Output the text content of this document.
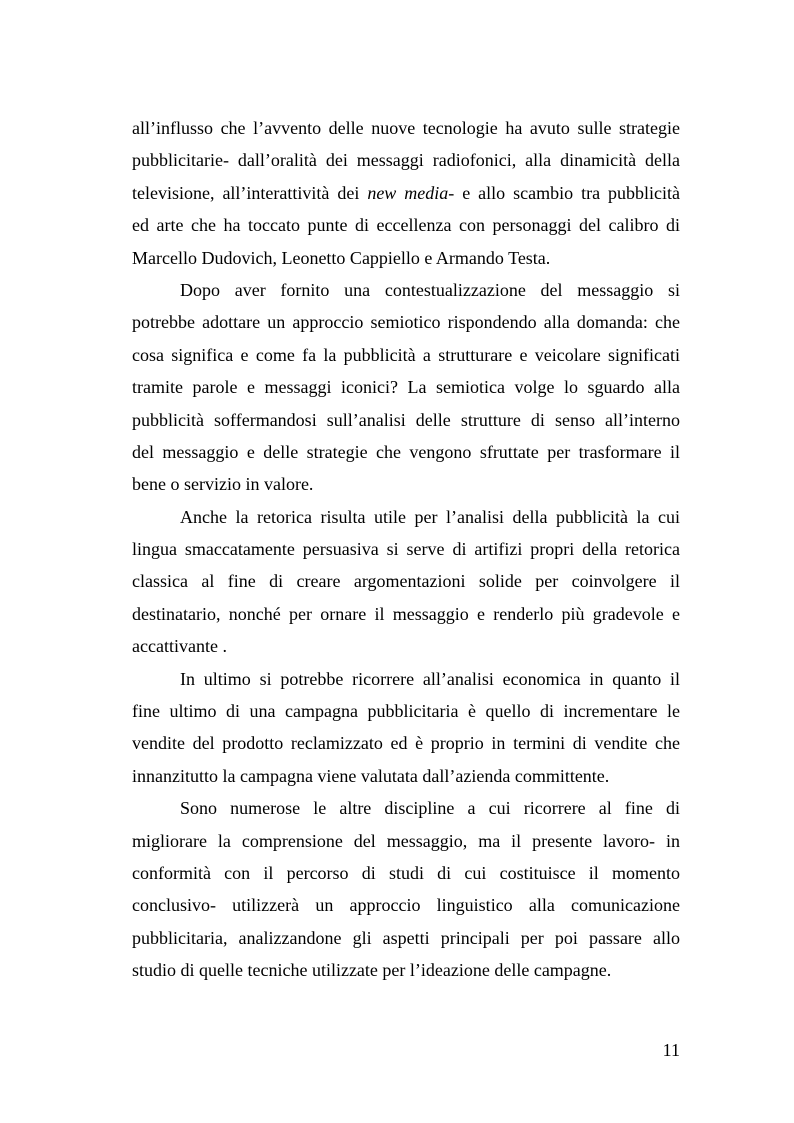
all’influsso che l’avvento delle nuove tecnologie ha avuto sulle strategie
pubblicitarie- dall’oralità dei messaggi radiofonici, alla dinamicità della
televisione, all’interattività dei new media- e allo scambio tra pubblicità
ed arte che ha toccato punte di eccellenza con personaggi del calibro di
Marcello Dudovich, Leonetto Cappiello e Armando Testa.
Dopo aver fornito una contestualizzazione del messaggio si
potrebbe adottare un approccio semiotico rispondendo alla domanda: che
cosa significa e come fa la pubblicità a strutturare e veicolare significati
tramite parole e messaggi iconici? La semiotica volge lo sguardo alla
pubblicità soffermandosi sull’analisi delle strutture di senso all’interno
del messaggio e delle strategie che vengono sfruttate per trasformare il
bene o servizio in valore.
Anche la retorica risulta utile per l’analisi della pubblicità la cui
lingua smaccatamente persuasiva si serve di artifizi propri della retorica
classica al fine di creare argomentazioni solide per coinvolgere il
destinatario, nonché per ornare il messaggio e renderlo più gradevole e
accattivante .
In ultimo si potrebbe ricorrere all’analisi economica in quanto il
fine ultimo di una campagna pubblicitaria è quello di incrementare le
vendite del prodotto reclamizzato ed è proprio in termini di vendite che
innanzitutto la campagna viene valutata dall’azienda committente.
Sono numerose le altre discipline a cui ricorrere al fine di
migliorare la comprensione del messaggio, ma il presente lavoro- in
conformità con il percorso di studi di cui costituisce il momento
conclusivo- utilizzerà un approccio linguistico alla comunicazione
pubblicitaria, analizzandone gli aspetti principali per poi passare allo
studio di quelle tecniche utilizzate per l’ideazione delle campagne.
11
